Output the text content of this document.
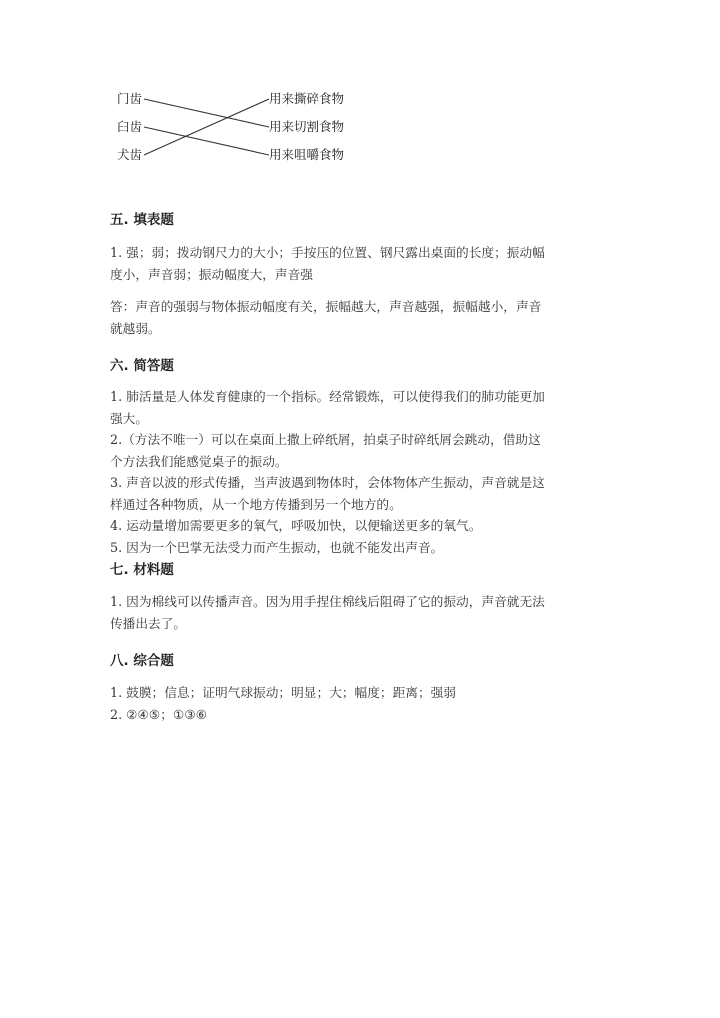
门齿
臼齿
犬齿
用来撕碎食物
用来切割食物
用来咀嚼食物
五. 填表题
1. 强；弱；拨动钢尺力的大小；手按压的位置、钢尺露出桌面的长度；振动幅
度小，声音弱；振动幅度大，声音强
答：声音的强弱与物体振动幅度有关，振幅越大，声音越强，振幅越小，声音
就越弱。
六. 简答题
1. 肺活量是人体发育健康的一个指标。经常锻炼，可以使得我们的肺功能更加
强大。
2.（方法不唯一）可以在桌面上撒上碎纸屑，拍桌子时碎纸屑会跳动，借助这
个方法我们能感觉桌子的振动。
3. 声音以波的形式传播，当声波遇到物体时，会体物体产生振动，声音就是这
样通过各种物质，从一个地方传播到另一个地方的。
4. 运动量增加需要更多的氧气，呼吸加快，以便输送更多的氧气。
5. 因为一个巴掌无法受力而产生振动，也就不能发出声音。
七. 材料题
1. 因为棉线可以传播声音。因为用手捏住棉线后阻碍了它的振动，声音就无法
传播出去了。
八. 综合题
1. 鼓膜；信息；证明气球振动；明显；大；幅度；距离；强弱
2. ②④⑤；①③⑥
